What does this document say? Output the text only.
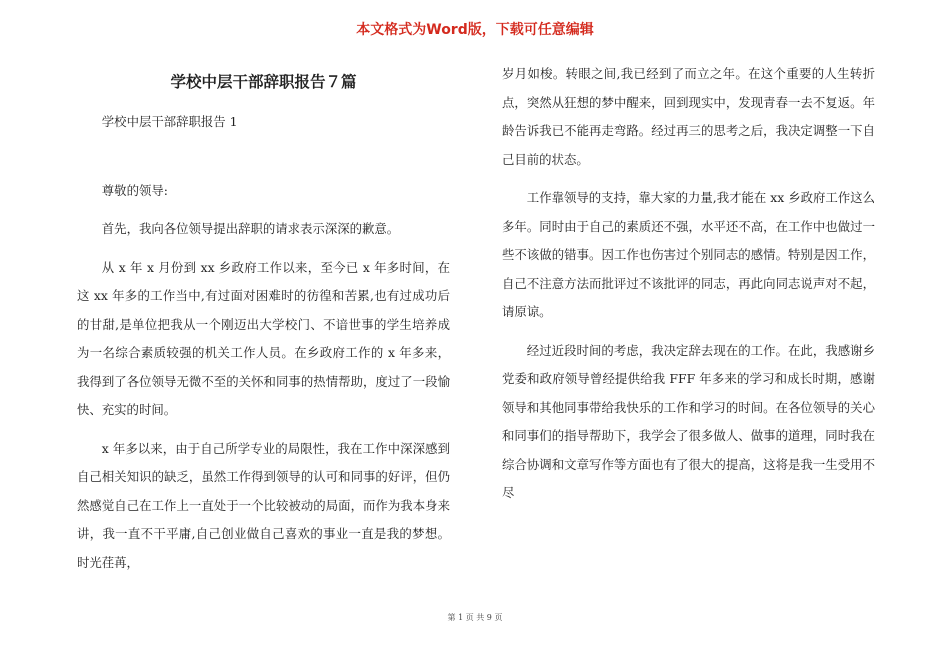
本文格式为Word版，下载可任意编辑
学校中层干部辞职报告７篇

学校中层干部辞职报告 1

尊敬的领导:

首先，我向各位领导提出辞职的请求表示深深的歉意。

从 x 年 x 月份到 xx 乡政府工作以来，至今已 x 年多时间，在这 xx 年多的工作当中,有过面对困难时的彷徨和苦累,也有过成功后的甘甜,是单位把我从一个刚迈出大学校门、不谙世事的学生培养成为一名综合素质较强的机关工作人员。在乡政府工作的 x 年多来，我得到了各位领导无微不至的关怀和同事的热情帮助，度过了一段愉快、充实的时间。

x 年多以来，由于自己所学专业的局限性，我在工作中深深感到自己相关知识的缺乏，虽然工作得到领导的认可和同事的好评，但仍然感觉自己在工作上一直处于一个比较被动的局面，而作为我本身来讲，我一直不干平庸,自己创业做自己喜欢的事业一直是我的梦想。时光荏苒，

岁月如梭。转眼之间,我已经到了而立之年。在这个重要的人生转折点，突然从狂想的梦中醒来，回到现实中，发现青春一去不复返。年龄告诉我已不能再走弯路。经过再三的思考之后，我决定调整一下自己目前的状态。

工作靠领导的支持，靠大家的力量,我才能在 xx 乡政府工作这么多年。同时由于自己的素质还不强，水平还不高，在工作中也做过一些不该做的错事。因工作也伤害过个别同志的感情。特别是因工作，自己不注意方法而批评过不该批评的同志，再此向同志说声对不起，请原谅。

经过近段时间的考虑，我决定辞去现在的工作。在此，我感谢乡党委和政府领导曾经提供给我 FFF 年多来的学习和成长时期，感谢领导和其他同事带给我快乐的工作和学习的时间。在各位领导的关心和同事们的指导帮助下，我学会了很多做人、做事的道理，同时我在综合协调和文章写作等方面也有了很大的提高，这将是我一生受用不尽

第 1 页 共 9 页
